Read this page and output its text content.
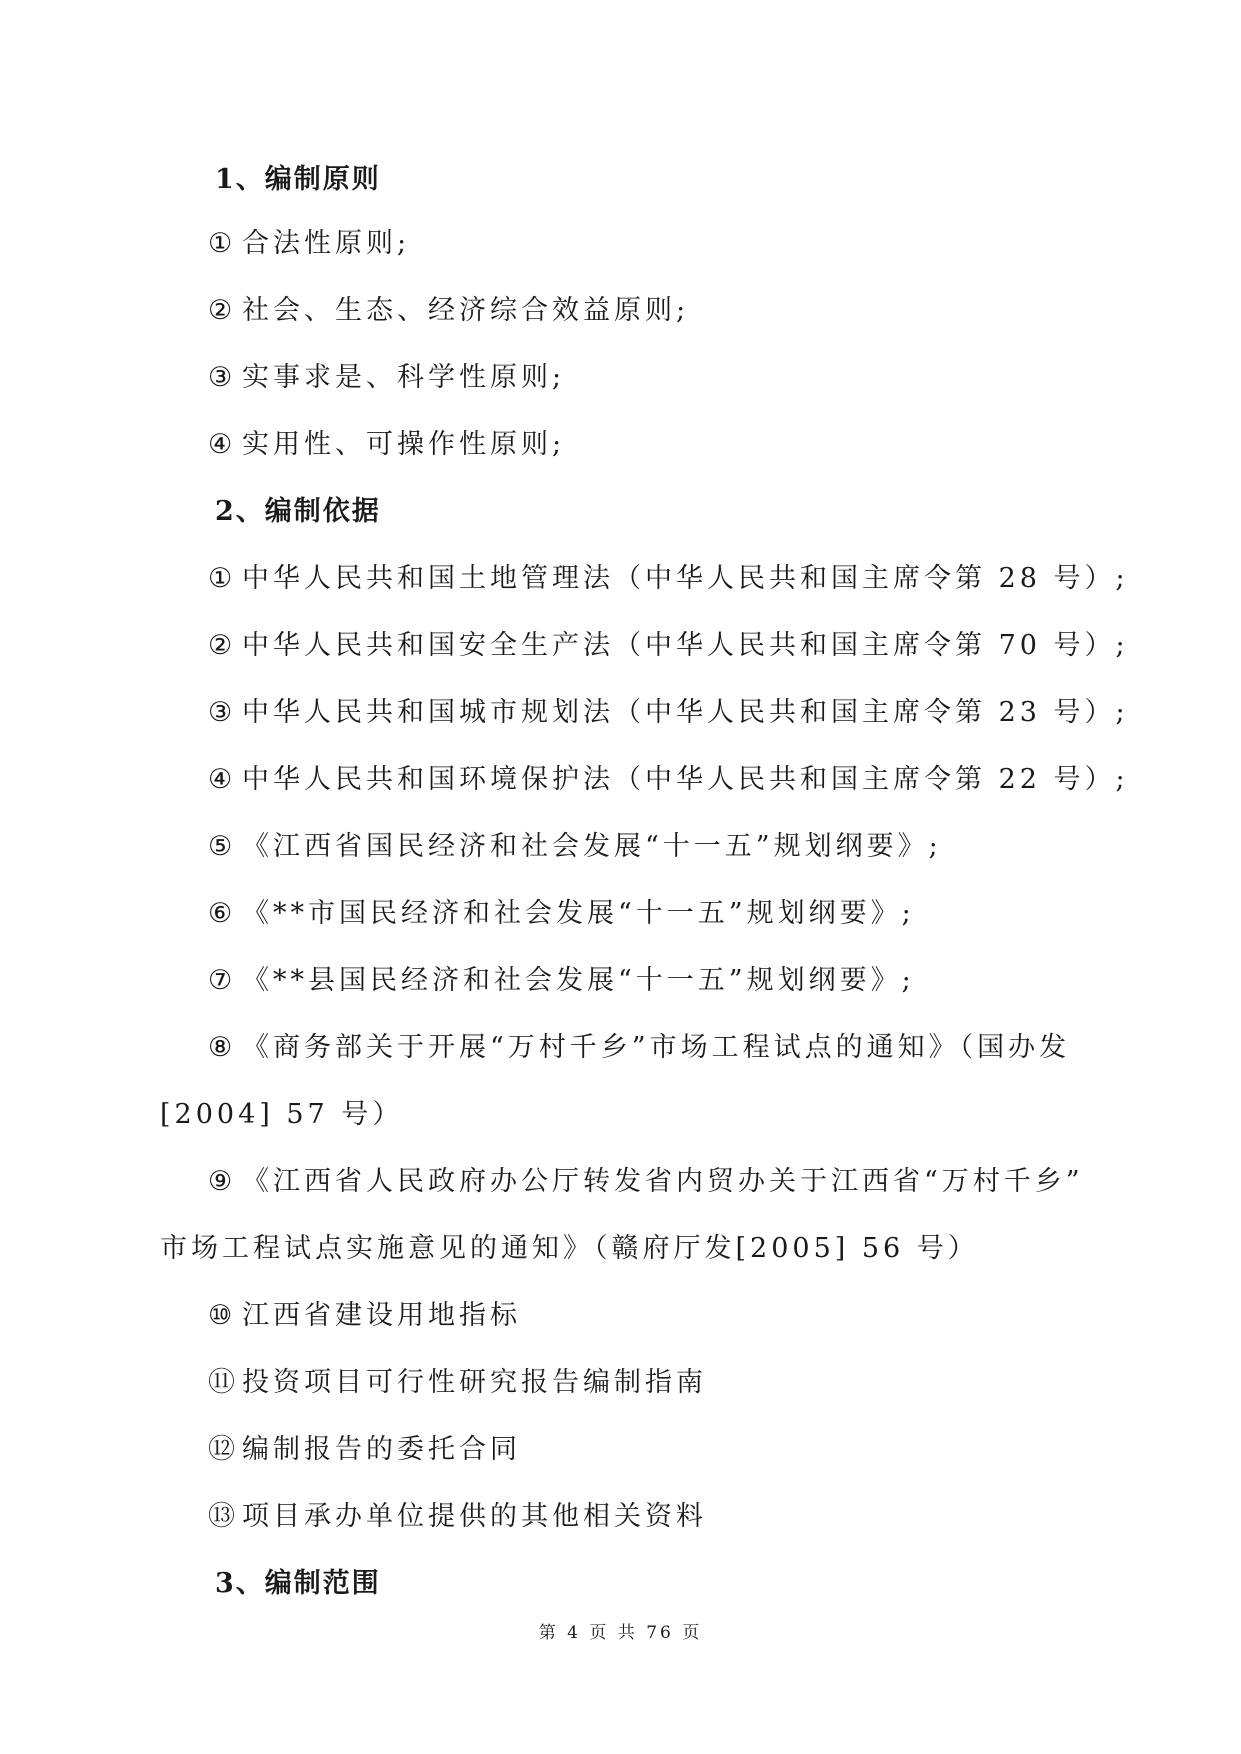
1、编制原则
① 合法性原则;
② 社会、生态、经济综合效益原则;
③ 实事求是、科学性原则;
④ 实用性、可操作性原则;
2、编制依据
① 中华人民共和国土地管理法（中华人民共和国主席令第 28 号）;
② 中华人民共和国安全生产法（中华人民共和国主席令第 70 号）;
③ 中华人民共和国城市规划法（中华人民共和国主席令第 23 号）;
④ 中华人民共和国环境保护法（中华人民共和国主席令第 22 号）;
⑤ 《江西省国民经济和社会发展“十一五”规划纲要》;
⑥ 《**市国民经济和社会发展“十一五”规划纲要》;
⑦ 《**县国民经济和社会发展“十一五”规划纲要》;
⑧ 《商务部关于开展“万村千乡”市场工程试点的通知》（国办发
[2004] 57 号）
⑨ 《江西省人民政府办公厅转发省内贸办关于江西省“万村千乡”
市场工程试点实施意见的通知》（赣府厅发[2005] 56 号）
⑩ 江西省建设用地指标
⑪ 投资项目可行性研究报告编制指南
⑫ 编制报告的委托合同
⑬ 项目承办单位提供的其他相关资料
3、编制范围
第 4 页 共 76 页
